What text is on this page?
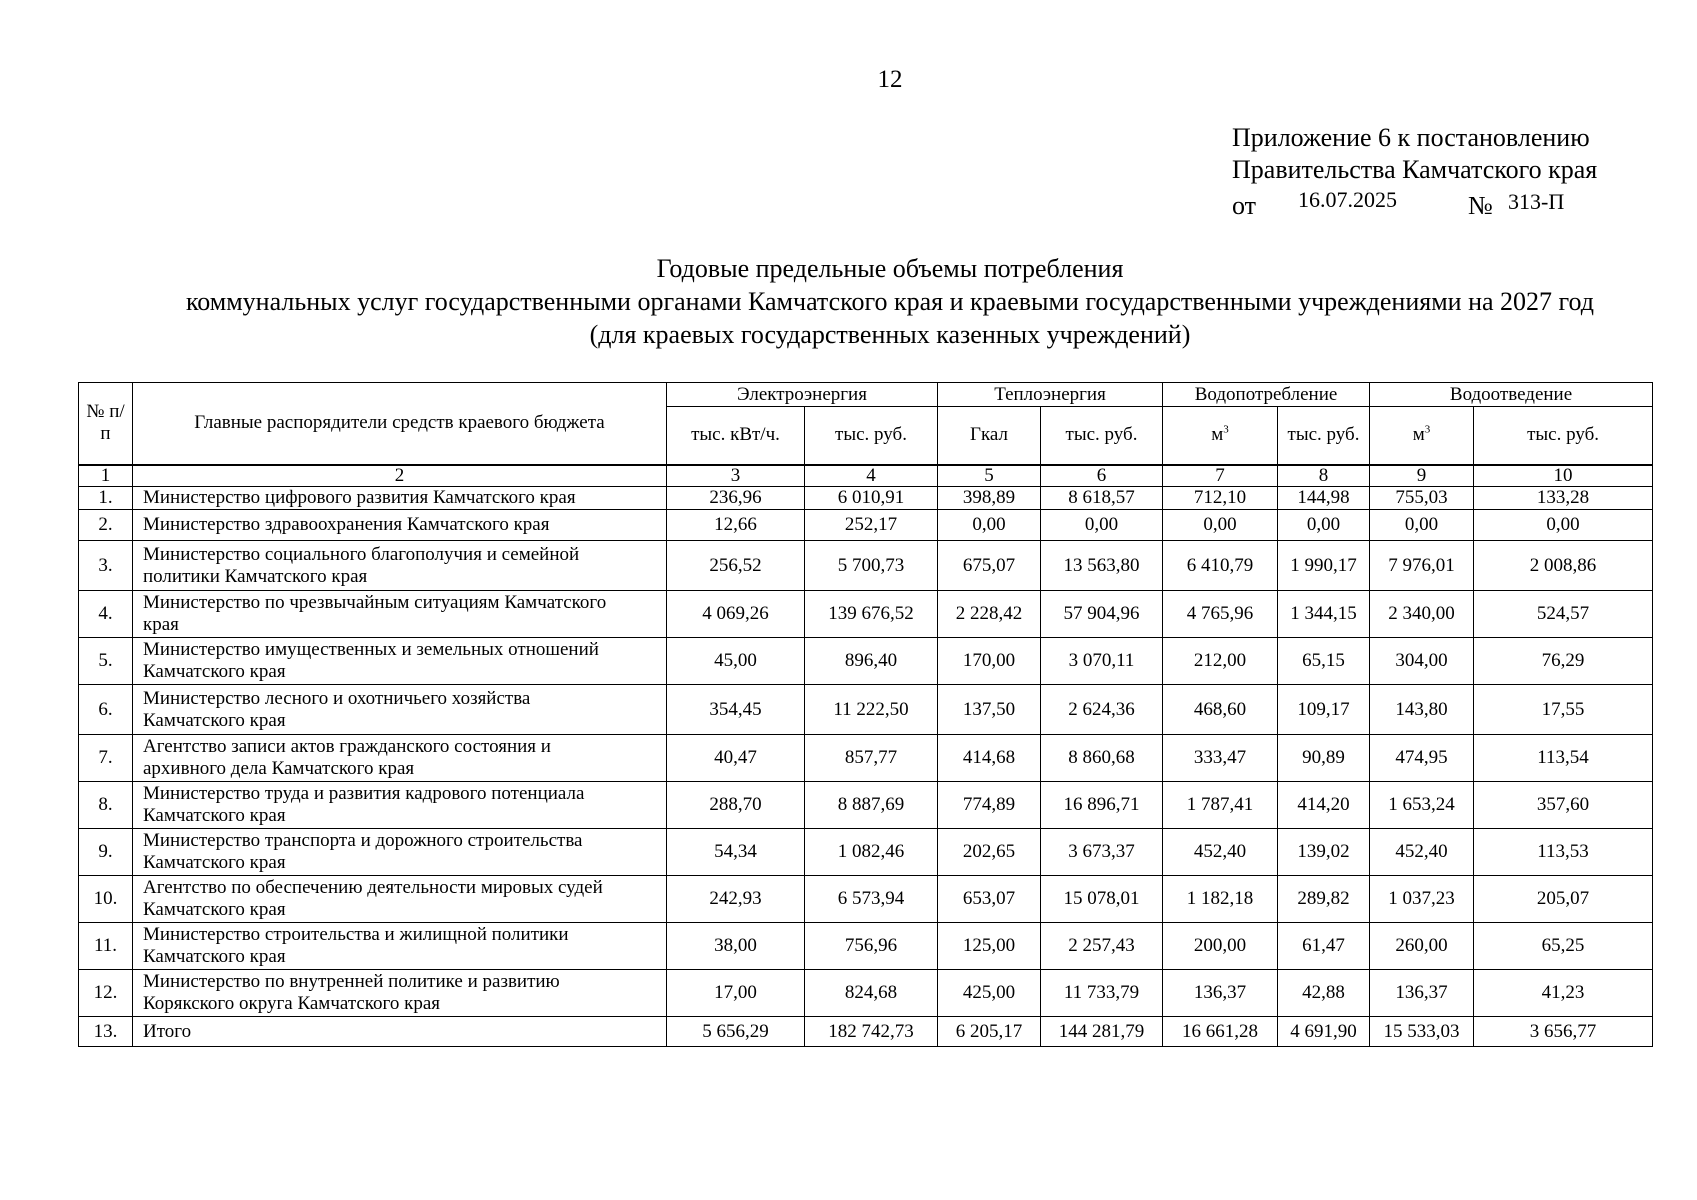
12
Приложение 6 к постановлению
Правительства Камчатского края
от 16.07.2025	№ 313-П
Годовые предельные объемы потребления
коммунальных услуг государственными органами Камчатского края и краевыми государственными учреждениями на 2027 год
(для краевых государственных казенных учреждений)
№ п/п	Главные распорядители средств краевого бюджета	Электроэнергия		Теплоэнергия		Водопотребление		Водоотведение	
		тыс. кВт/ч.	тыс. руб.	Гкал	тыс. руб.	$м^3$	тыс. руб.	$м^3$	тыс. руб.
1	2	3	4	5	6	7	8	9	10
1.	Министерство цифрового развития Камчатского края	236,96	6 010,91	398,89	8 618,57	712,10	144,98	755,03	133,28
2.	Министерство здравоохранения Камчатского края	12,66	252,17	0,00	0,00	0,00	0,00	0,00	0,00
3.	Министерство социального благополучия и семейной
политики Камчатского края	256,52	5 700,73	675,07	13 563,80	6 410,79	1 990,17	7 976,01	2 008,86
4.	Министерство по чрезвычайным ситуациям Камчатского
края	4 069,26	139 676,52	2 228,42	57 904,96	4 765,96	1 344,15	2 340,00	524,57
5.	Министерство имущественных и земельных отношений
Камчатского края	45,00	896,40	170,00	3 070,11	212,00	65,15	304,00	76,29
6.	Министерство лесного и охотничьего хозяйства
Камчатского края	354,45	11 222,50	137,50	2 624,36	468,60	109,17	143,80	17,55
7.	Агентство записи актов гражданского состояния и
архивного дела Камчатского края	40,47	857,77	414,68	8 860,68	333,47	90,89	474,95	113,54
8.	Министерство труда и развития кадрового потенциала
Камчатского края	288,70	8 887,69	774,89	16 896,71	1 787,41	414,20	1 653,24	357,60
9.	Министерство транспорта и дорожного строительства
Камчатского края	54,34	1 082,46	202,65	3 673,37	452,40	139,02	452,40	113,53
10.	Агентство по обеспечению деятельности мировых судей
Камчатского края	242,93	6 573,94	653,07	15 078,01	1 182,18	289,82	1 037,23	205,07
11.	Министерство строительства и жилищной политики
Камчатского края	38,00	756,96	125,00	2 257,43	200,00	61,47	260,00	65,25
12.	Министерство по внутренней политике и развитию
Корякского округа Камчатского края	17,00	824,68	425,00	11 733,79	136,37	42,88	136,37	41,23
13.	Итого	5 656,29	182 742,73	6 205,17	144 281,79	16 661,28	4 691,90	15 533,03	3 656,77
